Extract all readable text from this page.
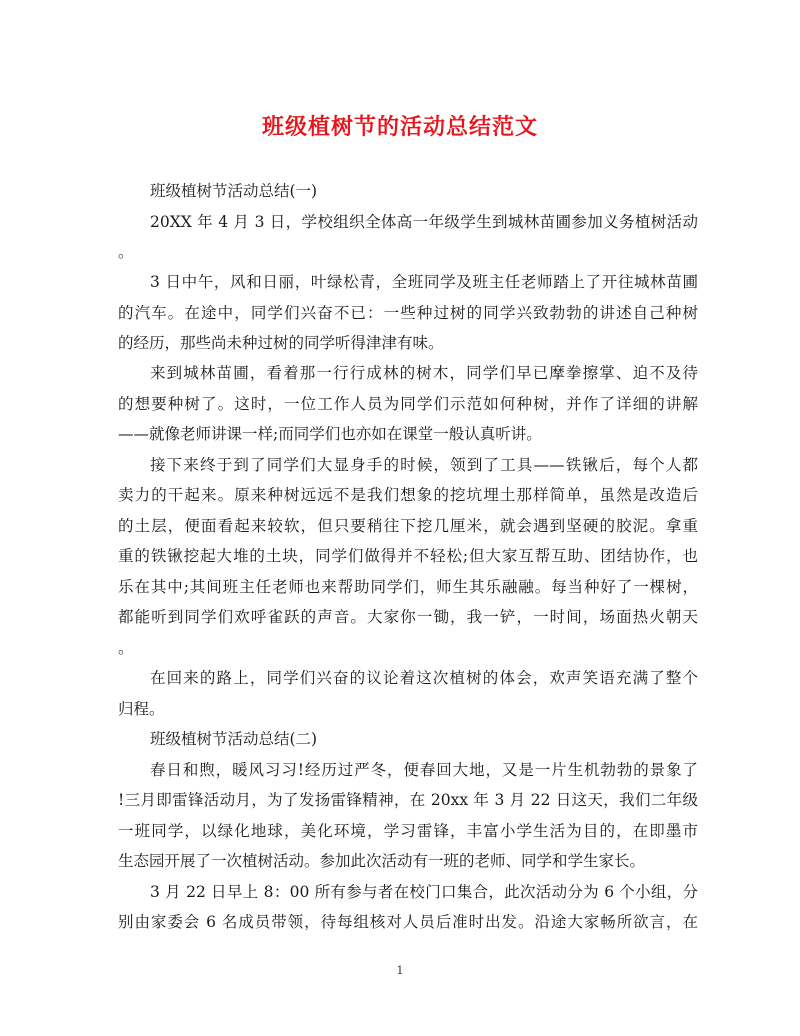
班级植树节的活动总结范文

班级植树节活动总结(一)

20XX 年 4 月 3 日，学校组织全体高一年级学生到城林苗圃参加义务植树活动

。

3 日中午，风和日丽，叶绿松青，全班同学及班主任老师踏上了开往城林苗圃

的汽车。在途中，同学们兴奋不已：一些种过树的同学兴致勃勃的讲述自己种树

的经历，那些尚未种过树的同学听得津津有味。

来到城林苗圃，看着那一行行成林的树木，同学们早已摩拳擦掌、迫不及待

的想要种树了。这时，一位工作人员为同学们示范如何种树，并作了详细的讲解

——就像老师讲课一样;而同学们也亦如在课堂一般认真听讲。

接下来终于到了同学们大显身手的时候，领到了工具——铁锹后，每个人都

卖力的干起来。原来种树远远不是我们想象的挖坑埋土那样简单，虽然是改造后

的土层，便面看起来较软，但只要稍往下挖几厘米，就会遇到坚硬的胶泥。拿重

重的铁锹挖起大堆的土块，同学们做得并不轻松;但大家互帮互助、团结协作，也

乐在其中;其间班主任老师也来帮助同学们，师生其乐融融。每当种好了一棵树，

都能听到同学们欢呼雀跃的声音。大家你一锄，我一铲，一时间，场面热火朝天

。

在回来的路上，同学们兴奋的议论着这次植树的体会，欢声笑语充满了整个

归程。

班级植树节活动总结(二)

春日和煦，暖风习习!经历过严冬，便春回大地，又是一片生机勃勃的景象了

!三月即雷锋活动月，为了发扬雷锋精神，在 20xx 年 3 月 22 日这天，我们二年级

一班同学，以绿化地球，美化环境，学习雷锋，丰富小学生活为目的，在即墨市

生态园开展了一次植树活动。参加此次活动有一班的老师、同学和学生家长。

3 月 22 日早上 8：00 所有参与者在校门口集合，此次活动分为 6 个小组，分

别由家委会 6 名成员带领，待每组核对人员后准时出发。沿途大家畅所欲言，在

1
